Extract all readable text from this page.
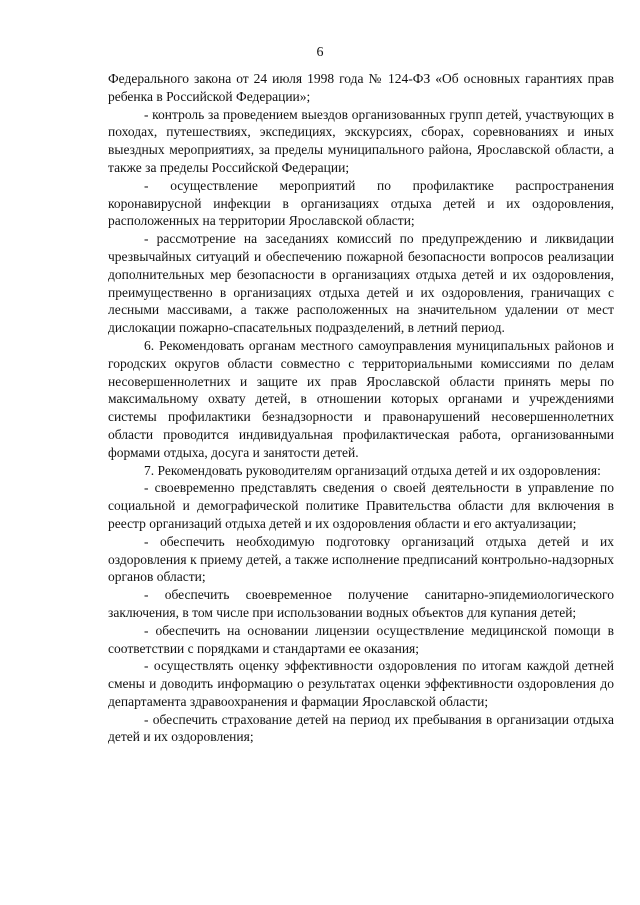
6

Федерального закона от 24 июля 1998 года № 124-ФЗ «Об основных гарантиях прав ребенка в Российской Федерации»;

- контроль за проведением выездов организованных групп детей, участвующих в походах, путешествиях, экспедициях, экскурсиях, сборах, соревнованиях и иных выездных мероприятиях, за пределы муниципального района, Ярославской области, а также за пределы Российской Федерации;

- осуществление мероприятий по профилактике распространения коронавирусной инфекции в организациях отдыха детей и их оздоровления, расположенных на территории Ярославской области;

- рассмотрение на заседаниях комиссий по предупреждению и ликвидации чрезвычайных ситуаций и обеспечению пожарной безопасности вопросов реализации дополнительных мер безопасности в организациях отдыха детей и их оздоровления, преимущественно в организациях отдыха детей и их оздоровления, граничащих с лесными массивами, а также расположенных на значительном удалении от мест дислокации пожарно-спасательных подразделений, в летний период.

6. Рекомендовать органам местного самоуправления муниципальных районов и городских округов области совместно с территориальными комиссиями по делам несовершеннолетних и защите их прав Ярославской области принять меры по максимальному охвату детей, в отношении которых органами и учреждениями системы профилактики безнадзорности и правонарушений несовершеннолетних области проводится индивидуальная профилактическая работа, организованными формами отдыха, досуга и занятости детей.

7. Рекомендовать руководителям организаций отдыха детей и их оздоровления:

- своевременно представлять сведения о своей деятельности в управление по социальной и демографической политике Правительства области для включения в реестр организаций отдыха детей и их оздоровления области и его актуализации;

- обеспечить необходимую подготовку организаций отдыха детей и их оздоровления к приему детей, а также исполнение предписаний контрольно-надзорных органов области;

- обеспечить своевременное получение санитарно-эпидемиологического заключения, в том числе при использовании водных объектов для купания детей;

- обеспечить на основании лицензии осуществление медицинской помощи в соответствии с порядками и стандартами ее оказания;

- осуществлять оценку эффективности оздоровления по итогам каждой детней смены и доводить информацию о результатах оценки эффективности оздоровления до департамента здравоохранения и фармации Ярославской области;

- обеспечить страхование детей на период их пребывания в организации отдыха детей и их оздоровления;
